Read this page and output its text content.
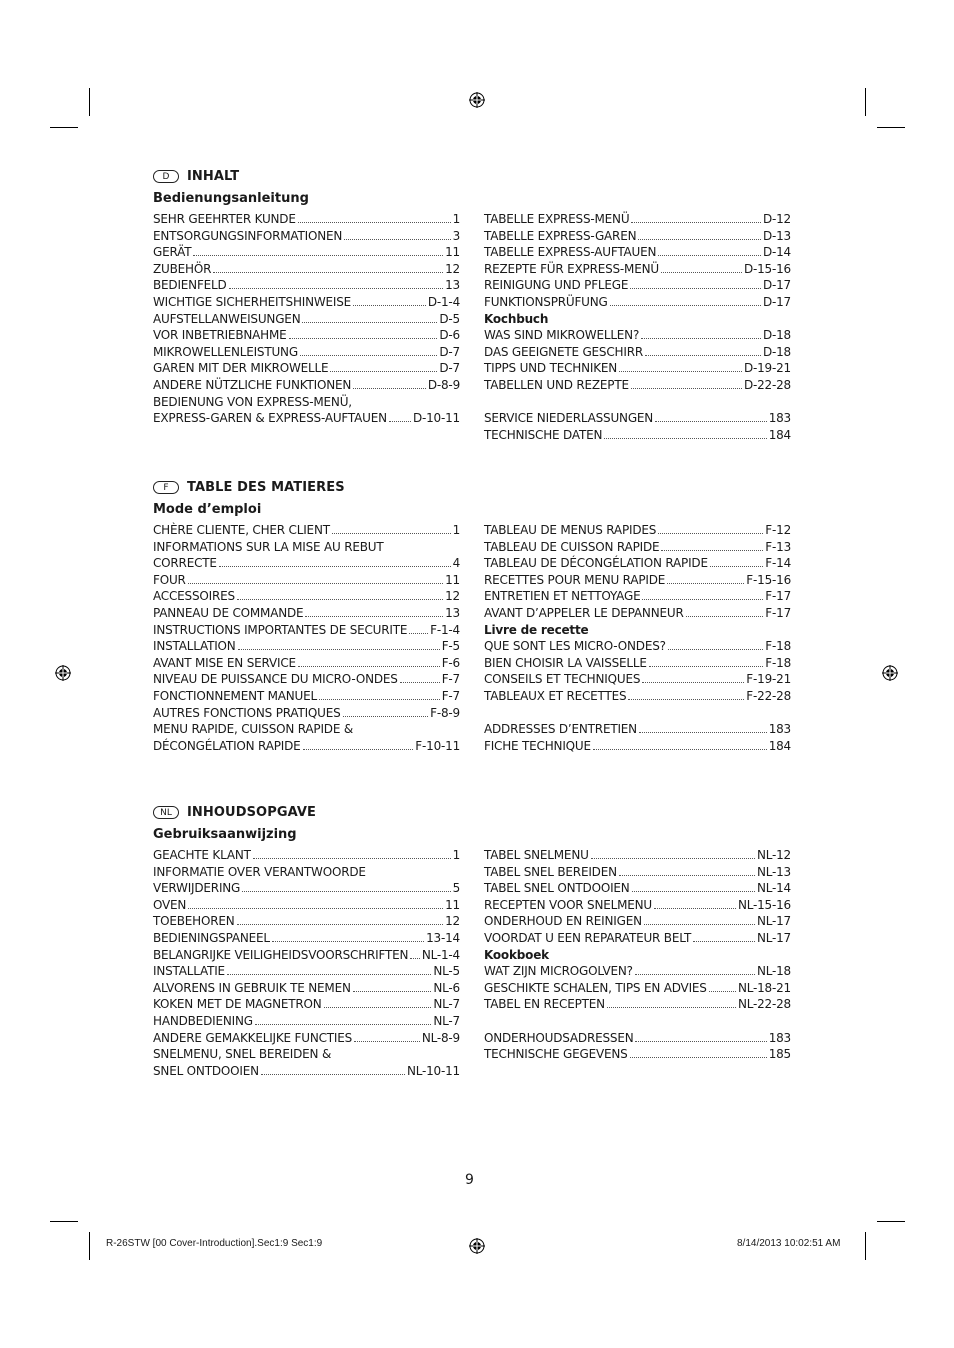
D	INHALT
Bedienungsanleitung
SEHR GEEHRTER KUNDE	1
ENTSORGUNGSINFORMATIONEN	3
GERÄT	11
ZUBEHÖR	12
BEDIENFELD	13
WICHTIGE SICHERHEITSHINWEISE	D-1-4
AUFSTELLANWEISUNGEN	D-5
VOR INBETRIEBNAHME	D-6
MIKROWELLENLEISTUNG	D-7
GAREN MIT DER MIKROWELLE	D-7
ANDERE NÜTZLICHE FUNKTIONEN	D-8-9
BEDIENUNG VON EXPRESS-MENÜ,
EXPRESS-GAREN & EXPRESS-AUFTAUEN D-10-11
TABELLE EXPRESS-MENÜ	D-12
TABELLE EXPRESS-GAREN	D-13
TABELLE EXPRESS-AUFTAUEN	D-14
REZEPTE FÜR EXPRESS-MENÜ	D-15-16
REINIGUNG UND PFLEGE	D-17
FUNKTIONSPRÜFUNG	D-17
Kochbuch
WAS SIND MIKROWELLEN?	D-18
DAS GEEIGNETE GESCHIRR	D-18
TIPPS UND TECHNIKEN	D-19-21
TABELLEN UND REZEPTE	D-22-28
SERVICE NIEDERLASSUNGEN	183
TECHNISCHE DATEN	184
F	TABLE DES MATIERES
Mode d’emploi
CHÈRE CLIENTE, CHER CLIENT	1
INFORMATIONS SUR LA MISE AU REBUT
CORRECTE	4
FOUR	11
ACCESSOIRES	12
PANNEAU DE COMMANDE	13
INSTRUCTIONS IMPORTANTES DE SECURITE F-1-4
INSTALLATION	F-5
AVANT MISE EN SERVICE	F-6
NIVEAU DE PUISSANCE DU MICRO-ONDES	F-7
FONCTIONNEMENT MANUEL	F-7
AUTRES FONCTIONS PRATIQUES	F-8-9
MENU RAPIDE, CUISSON RAPIDE &
DÉCONGÉLATION RAPIDE	F-10-11
TABLEAU DE MENUS RAPIDES	F-12
TABLEAU DE CUISSON RAPIDE	F-13
TABLEAU DE DÉCONGÉLATION RAPIDE	F-14
RECETTES POUR MENU RAPIDE	F-15-16
ENTRETIEN ET NETTOYAGE	F-17
AVANT D’APPELER LE DEPANNEUR	F-17
Livre de recette
QUE SONT LES MICRO-ONDES?	F-18
BIEN CHOISIR LA VAISSELLE	F-18
CONSEILS ET TECHNIQUES	F-19-21
TABLEAUX ET RECETTES	F-22-28
ADDRESSES D’ENTRETIEN	183
FICHE TECHNIQUE	184
NL	INHOUDSOPGAVE
Gebruiksaanwijzing
GEACHTE KLANT	1
INFORMATIE OVER VERANTWOORDE
VERWIJDERING	5
OVEN	11
TOEBEHOREN	12
BEDIENINGSPANEEL	13-14
BELANGRIJKE VEILIGHEIDSVOORSCHRIFTEN NL-1-4
INSTALLATIE	NL-5
ALVORENS IN GEBRUIK TE NEMEN	NL-6
KOKEN MET DE MAGNETRON	NL-7
HANDBEDIENING	NL-7
ANDERE GEMAKKELIJKE FUNCTIES	NL-8-9
SNELMENU, SNEL BEREIDEN &
SNEL ONTDOOIEN	NL-10-11
TABEL SNELMENU	NL-12
TABEL SNEL BEREIDEN	NL-13
TABEL SNEL ONTDOOIEN	NL-14
RECEPTEN VOOR SNELMENU	NL-15-16
ONDERHOUD EN REINIGEN	NL-17
VOORDAT U EEN REPARATEUR BELT	NL-17
Kookboek
WAT ZIJN MICROGOLVEN?	NL-18
GESCHIKTE SCHALEN, TIPS EN ADVIES	NL-18-21
TABEL EN RECEPTEN	NL-22-28
ONDERHOUDSADRESSEN	183
TECHNISCHE GEGEVENS	185
9
R-26STW [00 Cover-Introduction].Sec1:9 Sec1:9	8/14/2013 10:02:51 AM
